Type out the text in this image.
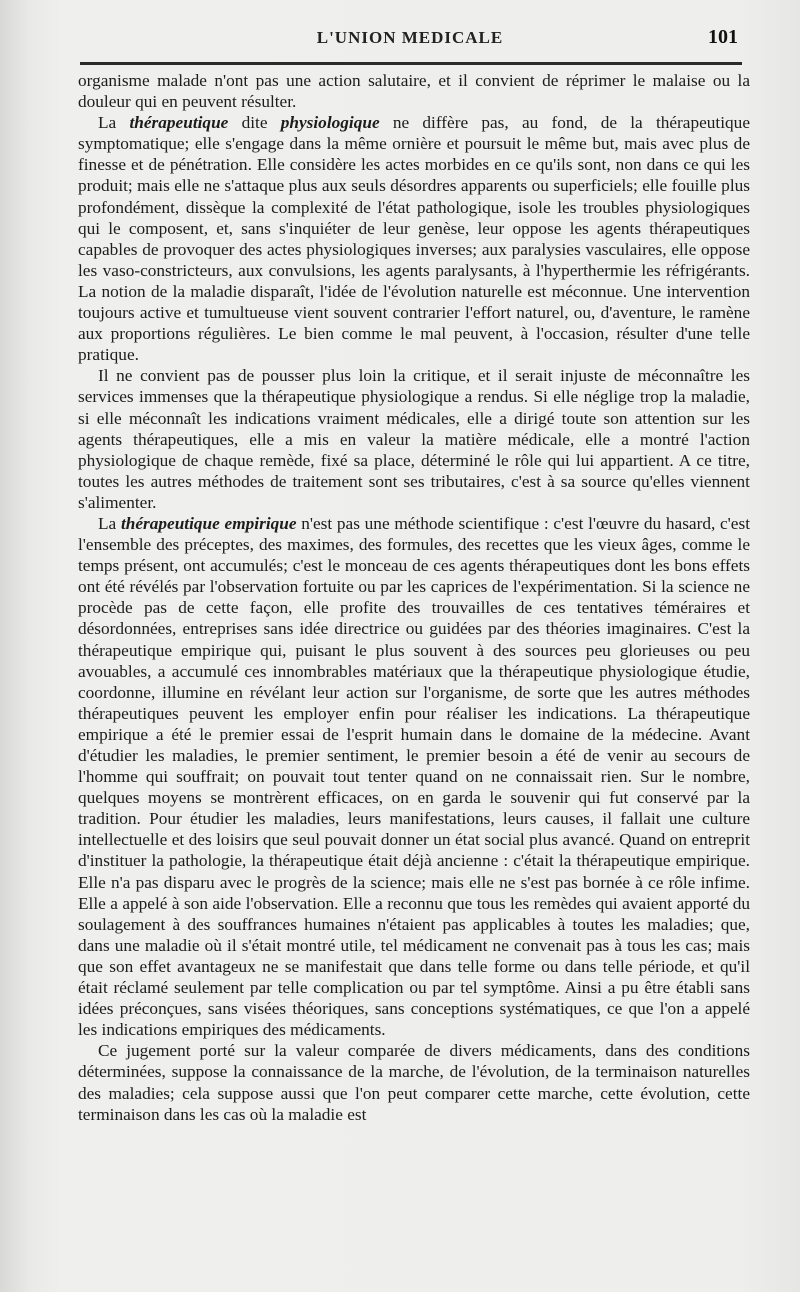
L'UNION MEDICALE	101

organisme malade n'ont pas une action salutaire, et il convient de réprimer le malaise ou la douleur qui en peuvent résulter.

La thérapeutique dite physiologique ne diffère pas, au fond, de la thérapeutique symptomatique; elle s'engage dans la même ornière et poursuit le même but, mais avec plus de finesse et de pénétration. Elle considère les actes morbides en ce qu'ils sont, non dans ce qui les produit; mais elle ne s'attaque plus aux seuls désordres apparents ou superficiels; elle fouille plus profondément, dissèque la complexité de l'état pathologique, isole les troubles physiologiques qui le composent, et, sans s'inquiéter de leur genèse, leur oppose les agents thérapeutiques capables de provoquer des actes physiologiques inverses; aux paralysies vasculaires, elle oppose les vaso-constricteurs, aux convulsions, les agents paralysants, à l'hyperthermie les réfrigérants. La notion de la maladie disparaît, l'idée de l'évolution naturelle est méconnue. Une intervention toujours active et tumultueuse vient souvent contrarier l'effort naturel, ou, d'aventure, le ramène aux proportions régulières. Le bien comme le mal peuvent, à l'occasion, résulter d'une telle pratique.

Il ne convient pas de pousser plus loin la critique, et il serait injuste de méconnaître les services immenses que la thérapeutique physiologique a rendus. Si elle néglige trop la maladie, si elle méconnaît les indications vraiment médicales, elle a dirigé toute son attention sur les agents thérapeutiques, elle a mis en valeur la matière médicale, elle a montré l'action physiologique de chaque remède, fixé sa place, déterminé le rôle qui lui appartient. A ce titre, toutes les autres méthodes de traitement sont ses tributaires, c'est à sa source qu'elles viennent s'alimenter.

La thérapeutique empirique n'est pas une méthode scientifique : c'est l'œuvre du hasard, c'est l'ensemble des préceptes, des maximes, des formules, des recettes que les vieux âges, comme le temps présent, ont accumulés; c'est le monceau de ces agents thérapeutiques dont les bons effets ont été révélés par l'observation fortuite ou par les caprices de l'expérimentation. Si la science ne procède pas de cette façon, elle profite des trouvailles de ces tentatives téméraires et désordonnées, entreprises sans idée directrice ou guidées par des théories imaginaires. C'est la thérapeutique empirique qui, puisant le plus souvent à des sources peu glorieuses ou peu avouables, a accumulé ces innombrables matériaux que la thérapeutique physiologique étudie, coordonne, illumine en révélant leur action sur l'organisme, de sorte que les autres méthodes thérapeutiques peuvent les employer enfin pour réaliser les indications. La thérapeutique empirique a été le premier essai de l'esprit humain dans le domaine de la médecine. Avant d'étudier les maladies, le premier sentiment, le premier besoin a été de venir au secours de l'homme qui souffrait; on pouvait tout tenter quand on ne connaissait rien. Sur le nombre, quelques moyens se montrèrent efficaces, on en garda le souvenir qui fut conservé par la tradition. Pour étudier les maladies, leurs manifestations, leurs causes, il fallait une culture intellectuelle et des loisirs que seul pouvait donner un état social plus avancé. Quand on entreprit d'instituer la pathologie, la thérapeutique était déjà ancienne : c'était la thérapeutique empirique. Elle n'a pas disparu avec le progrès de la science; mais elle ne s'est pas bornée à ce rôle infime. Elle a appelé à son aide l'observation. Elle a reconnu que tous les remèdes qui avaient apporté du soulagement à des souffrances humaines n'étaient pas applicables à toutes les maladies; que, dans une maladie où il s'était montré utile, tel médicament ne convenait pas à tous les cas; mais que son effet avantageux ne se manifestait que dans telle forme ou dans telle période, et qu'il était réclamé seulement par telle complication ou par tel symptôme. Ainsi a pu être établi sans idées préconçues, sans visées théoriques, sans conceptions systématiques, ce que l'on a appelé les indications empiriques des médicaments.

Ce jugement porté sur la valeur comparée de divers médicaments, dans des conditions déterminées, suppose la connaissance de la marche, de l'évolution, de la terminaison naturelles des maladies; cela suppose aussi que l'on peut comparer cette marche, cette évolution, cette terminaison dans les cas où la maladie est
